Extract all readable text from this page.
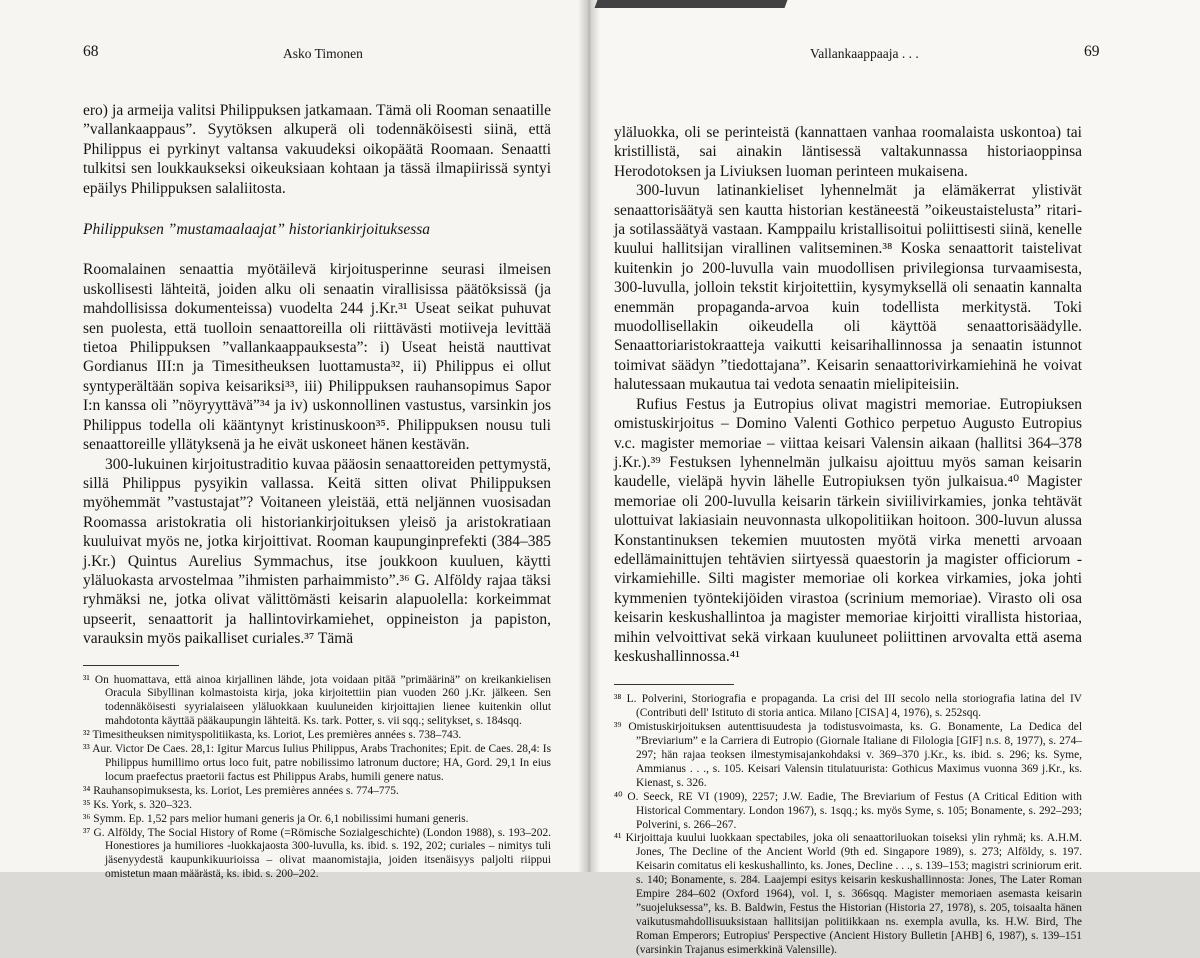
68	Asko Timonen

ero) ja armeija valitsi Philippuksen jatkamaan. Tämä oli Rooman senaatille ”vallankaappaus”. Syytöksen alkuperä oli todennäköisesti siinä, että Philippus ei pyrkinyt valtansa vakuudeksi oikopäätä Roomaan. Senaatti tulkitsi sen loukkaukseksi oikeuksiaan kohtaan ja tässä ilmapiirissä syntyi epäilys Philippuksen salaliitosta.

Philippuksen ”mustamaalaajat” historiankirjoituksessa

Roomalainen senaattia myötäilevä kirjoitusperinne seurasi ilmeisen uskollisesti lähteitä, joiden alku oli senaatin virallisissa päätöksissä (ja mahdollisissa dokumenteissa) vuodelta 244 j.Kr.³¹ Useat seikat puhuvat sen puolesta, että tuolloin senaattoreilla oli riittävästi motiiveja levittää tietoa Philippuksen ”vallankaappauksesta”: i) Useat heistä nauttivat Gordianus III:n ja Timesitheuksen luottamusta³², ii) Philippus ei ollut syntyperältään sopiva keisariksi³³, iii) Philippuksen rauhansopimus Sapor I:n kanssa oli ”nöyryyttävä”³⁴ ja iv) uskonnollinen vastustus, varsinkin jos Philippus todella oli kääntynyt kristinuskoon³⁵. Philippuksen nousu tuli senaattoreille yllätyksenä ja he eivät uskoneet hänen kestävän.

300-lukuinen kirjoitustraditio kuvaa pääosin senaattoreiden pettymystä, sillä Philippus pysyikin vallassa. Keitä sitten olivat Philippuksen myöhemmät ”vastustajat”? Voitaneen yleistää, että neljännen vuosisadan Roomassa aristokratia oli historiankirjoituksen yleisö ja aristokratiaan kuuluivat myös ne, jotka kirjoittivat. Rooman kaupunginprefekti (384–385 j.Kr.) Quintus Aurelius Symmachus, itse joukkoon kuuluen, käytti yläluokasta arvostelmaa ”ihmisten parhaimmisto”.³⁶ G. Alföldy rajaa täksi ryhmäksi ne, jotka olivat välittömästi keisarin alapuolella: korkeimmat upseerit, senaattorit ja hallintovirkamiehet, oppineiston ja papiston, varauksin myös paikalliset curiales.³⁷ Tämä

³¹ On huomattava, että ainoa kirjallinen lähde, jota voidaan pitää ”primäärinä” on kreikankielisen Oracula Sibyllinan kolmastoista kirja, joka kirjoitettiin pian vuoden 260 j.Kr. jälkeen. Sen todennäköisesti syyrialaiseen yläluokkaan kuuluneiden kirjoittajien lienee kuitenkin ollut mahdotonta käyttää pääkaupungin lähteitä. Ks. tark. Potter, s. vii sqq.; selitykset, s. 184sqq.

³² Timesitheuksen nimityspolitiikasta, ks. Loriot, Les premières années s. 738–743.

³³ Aur. Victor De Caes. 28,1: Igitur Marcus Iulius Philippus, Arabs Trachonites; Epit. de Caes. 28,4: Is Philippus humillimo ortus loco fuit, patre nobilissimo latronum ductore; HA, Gord. 29,1 In eius locum praefectus praetorii factus est Philippus Arabs, humili genere natus.

³⁴ Rauhansopimuksesta, ks. Loriot, Les premières années s. 774–775.

³⁵ Ks. York, s. 320–323.

³⁶ Symm. Ep. 1,52 pars melior humani generis ja Or. 6,1 nobilissimi humani generis.

³⁷ G. Alföldy, The Social History of Rome (=Römische Sozialgeschichte) (London 1988), s. 193–202. Honestiores ja humiliores -luokkajaosta 300-luvulla, ks. ibid. s. 192, 202; curiales – nimitys tuli jäsenyydestä kaupunkikuurioissa – olivat maanomistajia, joiden itsenäisyys paljolti riippui omistetun maan määrästä, ks. ibid. s. 200–202.

Vallankaappaaja . . .	69

yläluokka, oli se perinteistä (kannattaen vanhaa roomalaista uskontoa) tai kristillistä, sai ainakin läntisessä valtakunnassa historiaoppinsa Herodotoksen ja Liviuksen luoman perinteen mukaisena.

300-luvun latinankieliset lyhennelmät ja elämäkerrat ylistivät senaattorisäätyä sen kautta historian kestäneestä ”oikeustaistelusta” ritari- ja sotilassäätyä vastaan. Kamppailu kristallisoitui poliittisesti siinä, kenelle kuului hallitsijan virallinen valitseminen.³⁸ Koska senaattorit taistelivat kuitenkin jo 200-luvulla vain muodollisen privilegionsa turvaamisesta, 300-luvulla, jolloin tekstit kirjoitettiin, kysymyksellä oli senaatin kannalta enemmän propaganda-arvoa kuin todellista merkitystä. Toki muodollisellakin oikeudella oli käyttöä senaattorisäädylle. Senaattoriaristokraatteja vaikutti keisarihallinnossa ja senaatin istunnot toimivat säädyn ”tiedottajana”. Keisarin senaattorivirkamiehinä he voivat halutessaan mukautua tai vedota senaatin mielipiteisiin.

Rufius Festus ja Eutropius olivat magistri memoriae. Eutropiuksen omistuskirjoitus – Domino Valenti Gothico perpetuo Augusto Eutropius v.c. magister memoriae – viittaa keisari Valensin aikaan (hallitsi 364–378 j.Kr.).³⁹ Festuksen lyhennelmän julkaisu ajoittuu myös saman keisarin kaudelle, vieläpä hyvin lähelle Eutropiuksen työn julkaisua.⁴⁰ Magister memoriae oli 200-luvulla keisarin tärkein siviilivirkamies, jonka tehtävät ulottuivat lakiasiain neuvonnasta ulkopolitiikan hoitoon. 300-luvun alussa Konstantinuksen tekemien muutosten myötä virka menetti arvoaan edellämainittujen tehtävien siirtyessä quaestorin ja magister officiorum -virkamiehille. Silti magister memoriae oli korkea virkamies, joka johti kymmenien työntekijöiden virastoa (scrinium memoriae). Virasto oli osa keisarin keskushallintoa ja magister memoriae kirjoitti virallista historiaa, mihin velvoittivat sekä virkaan kuuluneet poliittinen arvovalta että asema keskushallinnossa.⁴¹

³⁸ L. Polverini, Storiografia e propaganda. La crisi del III secolo nella storiografia latina del IV (Contributi dell' Istituto di storia antica. Milano [CISA] 4, 1976), s. 252sqq.

³⁹ Omistuskirjoituksen autenttisuudesta ja todistusvoimasta, ks. G. Bonamente, La Dedica del ”Breviarium” e la Carriera di Eutropio (Giornale Italiane di Filologia [GIF] n.s. 8, 1977), s. 274–297; hän rajaa teoksen ilmestymisajankohdaksi v. 369–370 j.Kr., ks. ibid. s. 296; ks. Syme, Ammianus . . ., s. 105. Keisari Valensin titulatuurista: Gothicus Maximus vuonna 369 j.Kr., ks. Kienast, s. 326.

⁴⁰ O. Seeck, RE VI (1909), 2257; J.W. Eadie, The Breviarium of Festus (A Critical Edition with Historical Commentary. London 1967), s. 1sqq.; ks. myös Syme, s. 105; Bonamente, s. 292–293; Polverini, s. 266–267.

⁴¹ Kirjoittaja kuului luokkaan spectabiles, joka oli senaattoriluokan toiseksi ylin ryhmä; ks. A.H.M. Jones, The Decline of the Ancient World (9th ed. Singapore 1989), s. 273; Alföldy, s. 197. Keisarin comitatus eli keskushallinto, ks. Jones, Decline . . ., s. 139–153; magistri scriniorum erit. s. 140; Bonamente, s. 284. Laajempi esitys keisarin keskushallinnosta: Jones, The Later Roman Empire 284–602 (Oxford 1964), vol. I, s. 366sqq. Magister memoriaen asemasta keisarin ”suojeluksessa”, ks. B. Baldwin, Festus the Historian (Historia 27, 1978), s. 205, toisaalta hänen vaikutusmahdollisuuksistaan hallitsijan politiikkaan ns. exempla avulla, ks. H.W. Bird, The Roman Emperors; Eutropius' Perspective (Ancient History Bulletin [AHB] 6, 1987), s. 139–151 (varsinkin Trajanus esimerkkinä Valensille).
